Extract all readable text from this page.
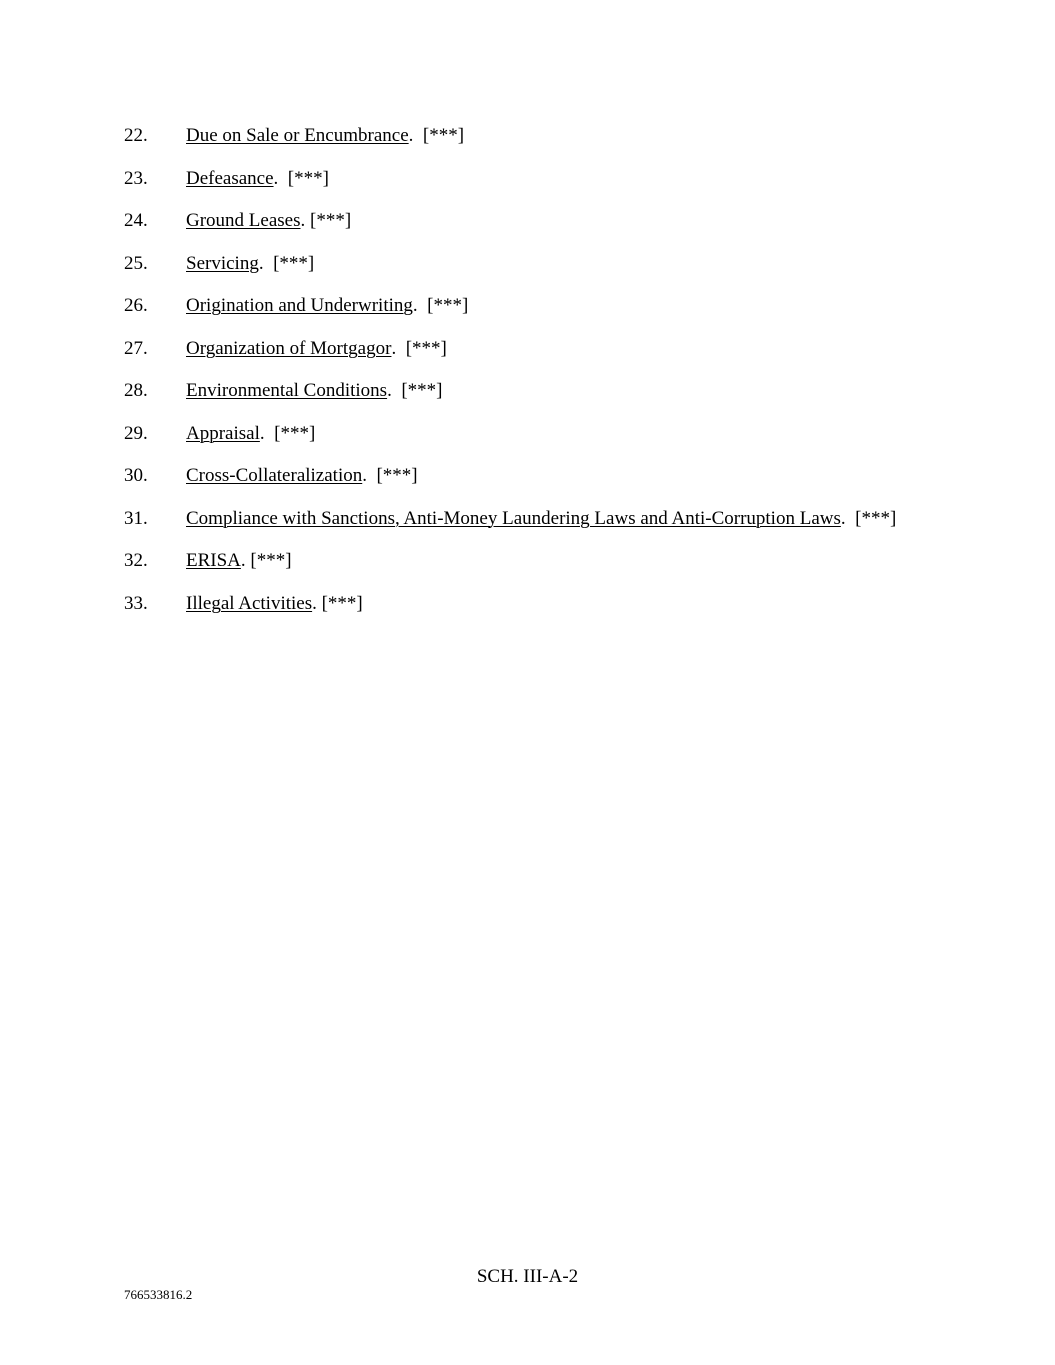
22.	Due on Sale or Encumbrance .  [***]
23.	Defeasance .  [***]
24.	Ground Leases . [***]
25.	Servicing .  [***]
26.	Origination and Underwriting .  [***]
27.	Organization of Mortgagor .  [***]
28.	Environmental Conditions .  [***]
29.	Appraisal .  [***]
30.	Cross-Collateralization .  [***]
31.	Compliance with Sanctions, Anti-Money Laundering Laws and Anti-Corruption Laws .  [***]
32.	ERISA . [***]
33.	Illegal Activities . [***]
SCH. III-A-2
766533816.2
